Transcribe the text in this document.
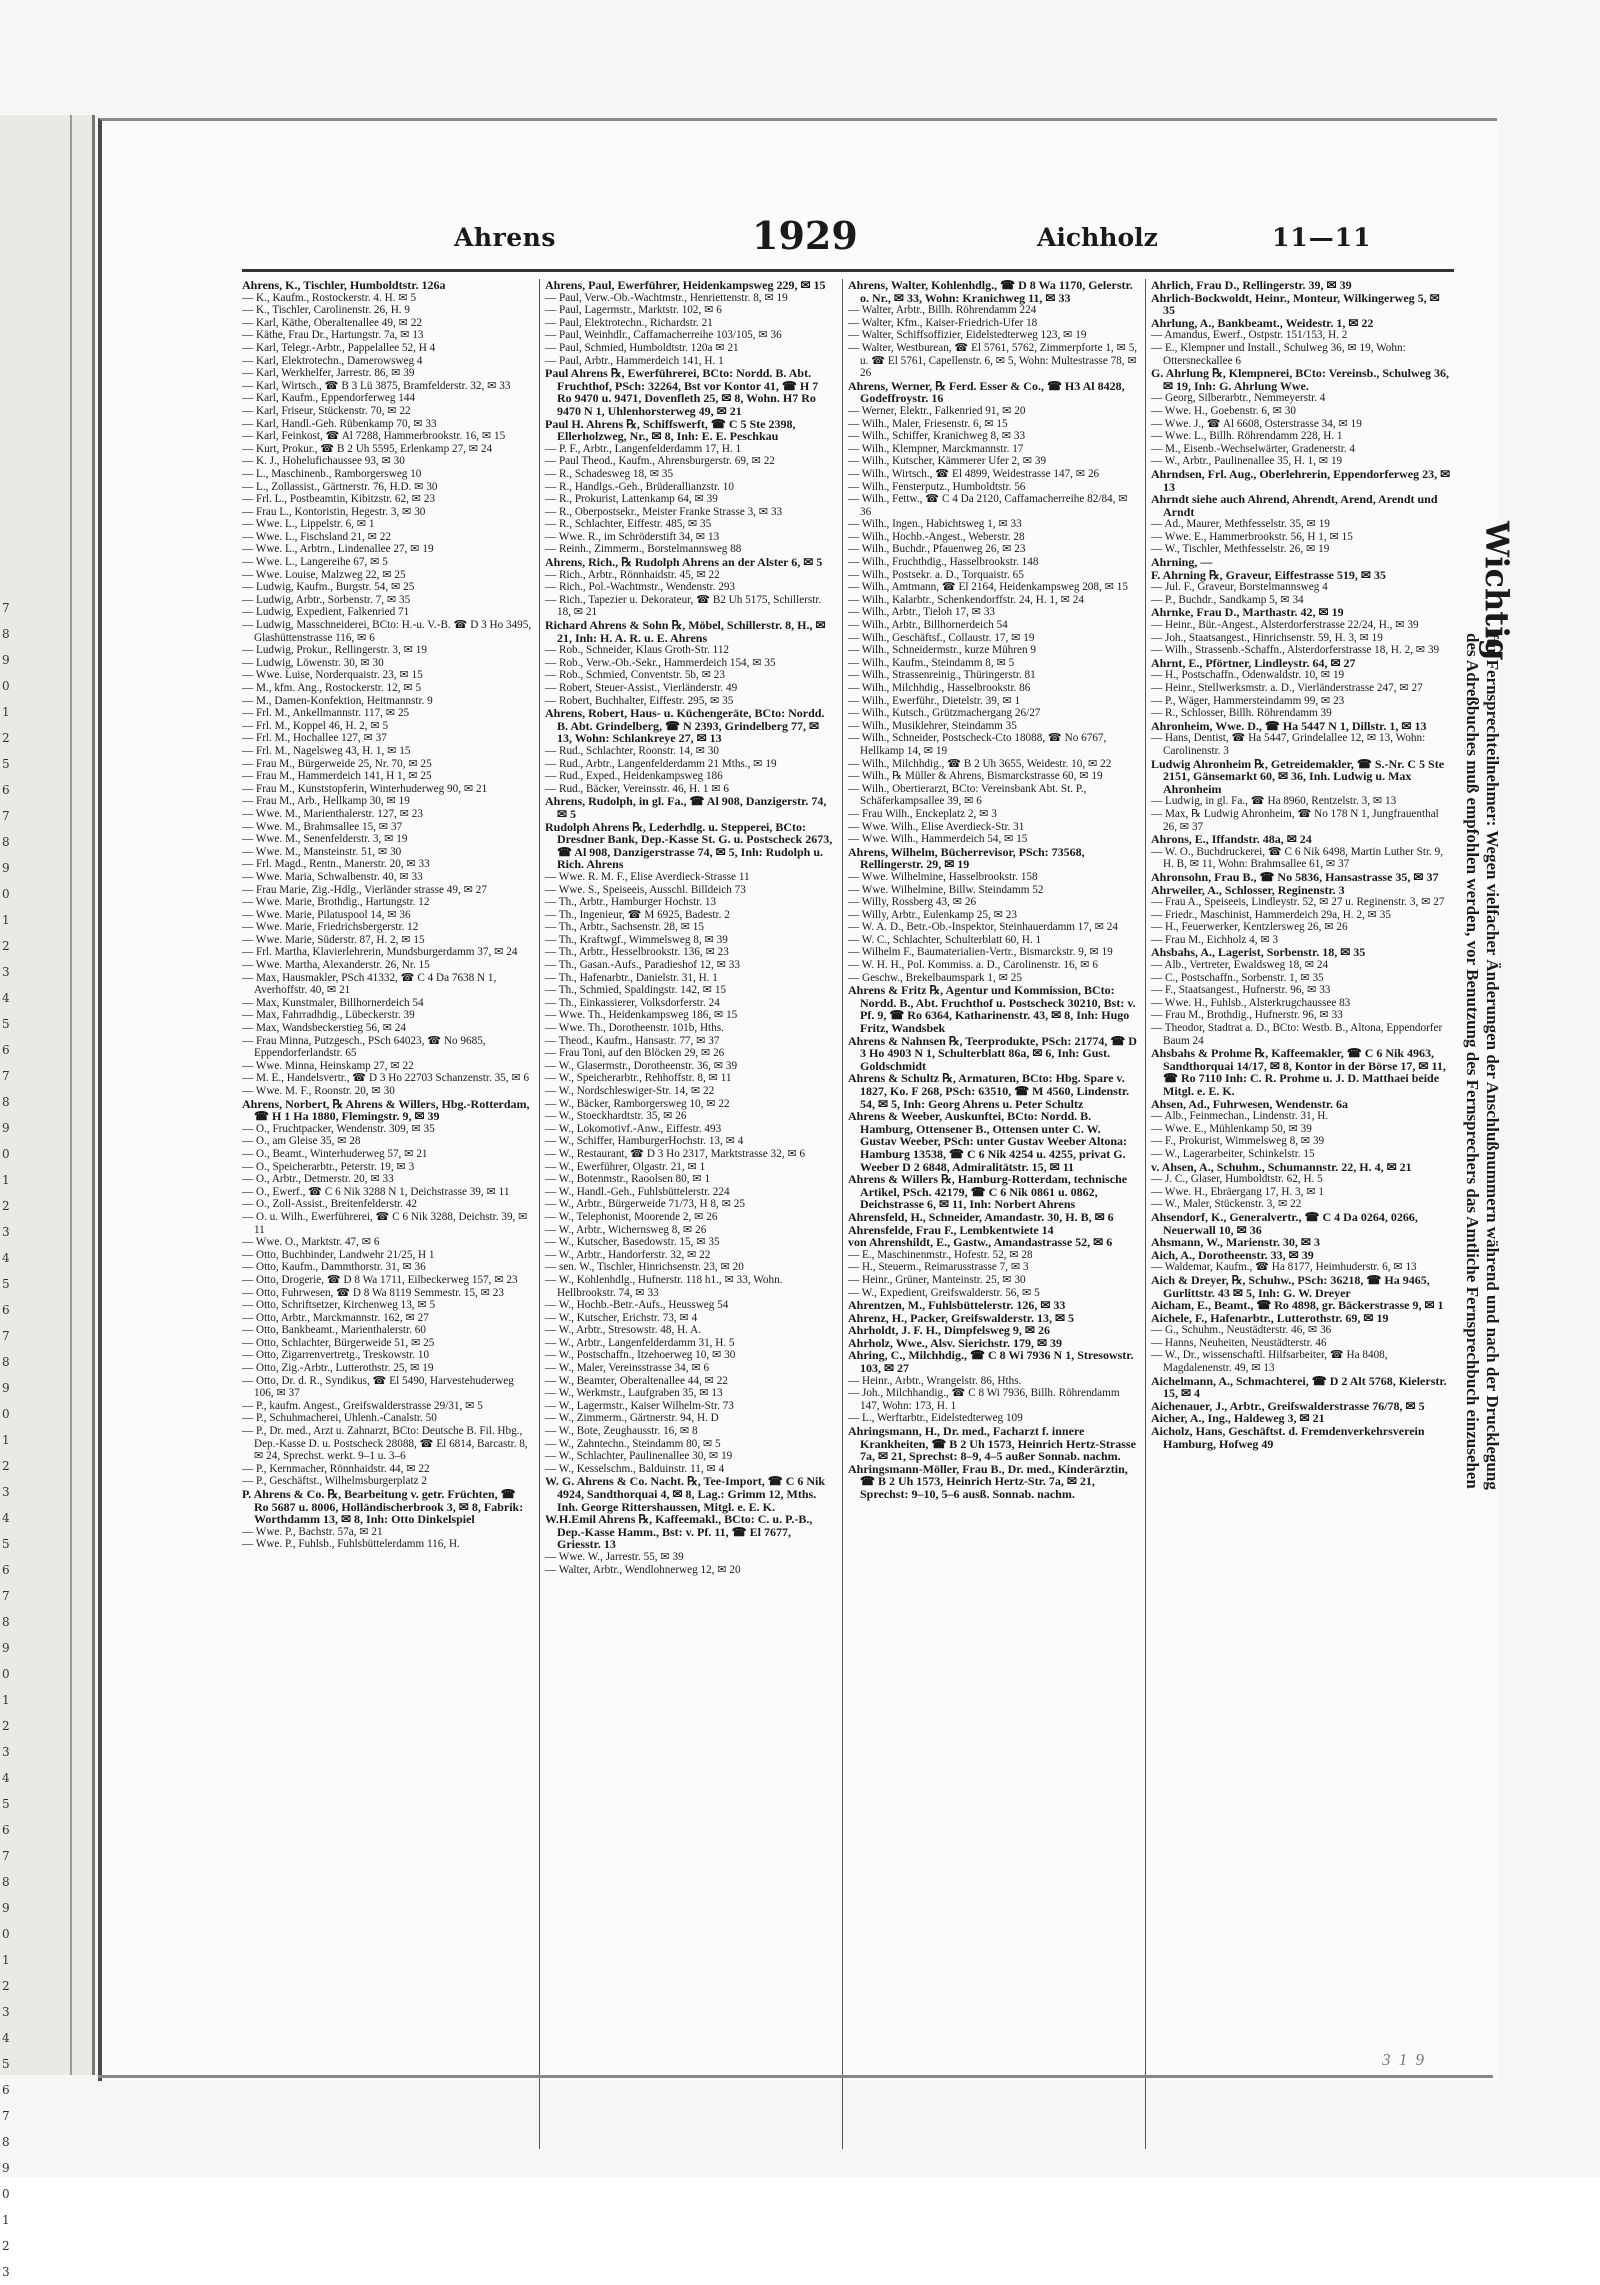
7
8
9
0
1
2
5
6
7
8
9
0
1
2
3
4
5
6
7
8
9
0
1
2
3
4
5
6
7
8
9
0
1
2
3
4
5
6
7
8
9
0
1
2
3
4
5
6
7
8
9
0
1
2
3
4
5
6
7
8
9
0
1
2
3
Ahrens	1929	Aichholz	11—11

Ahrens, K., Tischler, Humboldtstr. 126a

— K., Kaufm., Rostockerstr. 4. H. ✉ 5

— K., Tischler, Carolinenstr. 26, H. 9

— Karl, Käthe, Oberaltenallee 49, ✉ 22

— Käthe, Frau Dr., Hartungstr. 7a, ✉ 13

— Karl, Telegr.-Arbtr., Pappelallee 52, H 4

— Karl, Elektrotechn., Damerowsweg 4

— Karl, Werkhelfer, Jarrestr. 86, ✉ 39

— Karl, Wirtsch., ☎ B 3 Lü 3875, Bramfelderstr. 32, ✉ 33

— Karl, Kaufm., Eppendorferweg 144

— Karl, Friseur, Stückenstr. 70, ✉ 22

— Karl, Handl.-Geh. Rübenkamp 70, ✉ 33

— Karl, Feinkost, ☎ Al 7288, Hammerbrookstr. 16, ✉ 15

— Kurt, Prokur., ☎ B 2 Uh 5595, Erlenkamp 27, ✉ 24

— K. J., Hohelufichaussee 93, ✉ 30

— L., Maschinenb., Ramborgersweg 10

— L., Zollassist., Gärtnerstr. 76, H.D. ✉ 30

— Frl. L., Postbeamtin, Kibitzstr. 62, ✉ 23

— Frau L., Kontoristin, Hegestr. 3, ✉ 30

— Wwe. L., Lippelstr. 6, ✉ 1

— Wwe. L., Fischsland 21, ✉ 22

— Wwe. L., Arbtrn., Lindenallee 27, ✉ 19

— Wwe. L., Langereihe 67, ✉ 5

— Wwe. Louise, Malzweg 22, ✉ 25

— Ludwig, Kaufm., Burgstr. 54, ✉ 25

— Ludwig, Arbtr., Sorbenstr. 7, ✉ 35

— Ludwig, Expedient, Falkenried 71

— Ludwig, Masschneiderei, BCto: H.-u. V.-B. ☎ D 3 Ho 3495, Glashüttenstrasse 116, ✉ 6

— Ludwig, Prokur., Rellingerstr. 3, ✉ 19

— Ludwig, Löwenstr. 30, ✉ 30

— Wwe. Luise, Norderquaistr. 23, ✉ 15

— M., kfm. Ang., Rostockerstr. 12, ✉ 5

— M., Damen-Konfektion, Heitmannstr. 9

— Frl. M., Ankellmannstr. 117, ✉ 25

— Frl. M., Koppel 46, H. 2, ✉ 5

— Frl. M., Hochallee 127, ✉ 37

— Frl. M., Nagelsweg 43, H. 1, ✉ 15

— Frau M., Bürgerweide 25, Nr. 70, ✉ 25

— Frau M., Hammerdeich 141, H 1, ✉ 25

— Frau M., Kunststopferin, Winterhuderweg 90, ✉ 21

— Frau M., Arb., Hellkamp 30, ✉ 19

— Wwe. M., Marienthalerstr. 127, ✉ 23

— Wwe. M., Brahmsallee 15, ✉ 37

— Wwe. M., Senenfelderstr. 3, ✉ 19

— Wwe. M., Mansteinstr. 51, ✉ 30

— Frl. Magd., Rentn., Manerstr. 20, ✉ 33

— Wwe. Maria, Schwalbenstr. 40, ✉ 33

— Frau Marie, Zig.-Hdlg., Vierländer strasse 49, ✉ 27

— Wwe. Marie, Brothdig., Hartungstr. 12

— Wwe. Marie, Pilatuspool 14, ✉ 36

— Wwe. Marie, Friedrichsbergerstr. 12

— Wwe. Marie, Süderstr. 87, H. 2, ✉ 15

— Frl. Martha, Klavierlehrerin, Mundsburgerdamm 37, ✉ 24

— Wwe. Martha, Alexanderstr. 26, Nr. 15

— Max, Hausmakler, PSch 41332, ☎ C 4 Da 7638 N 1, Averhoffstr. 40, ✉ 21

— Max, Kunstmaler, Billhornerdeich 54

— Max, Fahrradhdig., Lübeckerstr. 39

— Max, Wandsbeckerstieg 56, ✉ 24

— Frau Minna, Putzgesch., PSch 64023, ☎ No 9685, Eppendorferlandstr. 65

— Wwe. Minna, Heinskamp 27, ✉ 22

— M. E., Handelsvertr., ☎ D 3 Ho 22703 Schanzenstr. 35, ✉ 6

— Wwe. M. F., Roonstr. 20, ✉ 30

Ahrens, Norbert, ℞ Ahrens & Willers, Hbg.-Rotterdam, ☎ H 1 Ha 1880, Flemingstr. 9, ✉ 39

— O., Fruchtpacker, Wendenstr. 309, ✉ 35

— O., am Gleise 35, ✉ 28

— O., Beamt., Winterhuderweg 57, ✉ 21

— O., Speicherarbtr., Peterstr. 19, ✉ 3

— O., Arbtr., Detmerstr. 20, ✉ 33

— O., Ewerf., ☎ C 6 Nik 3288 N 1, Deichstrasse 39, ✉ 11

— O., Zoll-Assist., Breitenfelderstr. 42

— O. u. Wilh., Ewerführerei, ☎ C 6 Nik 3288, Deichstr. 39, ✉ 11

— Wwe. O., Marktstr. 47, ✉ 6

— Otto, Buchbinder, Landwehr 21/25, H 1

— Otto, Kaufm., Dammthorstr. 31, ✉ 36

— Otto, Drogerie, ☎ D 8 Wa 1711, Eilbeckerweg 157, ✉ 23

— Otto, Fuhrwesen, ☎ D 8 Wa 8119 Semmestr. 15, ✉ 23

— Otto, Schriftsetzer, Kirchenweg 13, ✉ 5

— Otto, Arbtr., Marckmannstr. 162, ✉ 27

— Otto, Bankbeamt., Marienthalerstr. 60

— Otto, Schlachter, Bürgerweide 51, ✉ 25

— Otto, Zigarrenvertretg., Treskowstr. 10

— Otto, Zig.-Arbtr., Lutterothstr. 25, ✉ 19

— Otto, Dr. d. R., Syndikus, ☎ El 5490, Harvestehuderweg 106, ✉ 37

— P., kaufm. Angest., Greifswalderstrasse 29/31, ✉ 5

— P., Schuhmacherei, Uhlenh.-Canalstr. 50

— P., Dr. med., Arzt u. Zahnarzt, BCto: Deutsche B. Fil. Hbg., Dep.-Kasse D. u. Postscheck 28088, ☎ El 6814, Barcastr. 8, ✉ 24, Sprechst. werkt. 9–1 u. 3–6

— P., Kernmacher, Rönnhaidstr. 44, ✉ 22

— P., Geschäftst., Wilhelmsburgerplatz 2

P. Ahrens & Co. ℞, Bearbeitung v. getr. Früchten, ☎ Ro 5687 u. 8006, Holländischerbrook 3, ✉ 8, Fabrik: Worthdamm 13, ✉ 8, Inh: Otto Dinkelspiel

— Wwe. P., Bachstr. 57a, ✉ 21

— Wwe. P., Fuhlsb., Fuhlsbüttelerdamm 116, H.

Ahrens, Paul, Ewerführer, Heidenkampsweg 229, ✉ 15

— Paul, Verw.-Ob.-Wachtmstr., Henriettenstr. 8, ✉ 19

— Paul, Lagermstr., Marktstr. 102, ✉ 6

— Paul, Elektrotechn., Richardstr. 21

— Paul, Weinhdlr., Caffamacherreihe 103/105, ✉ 36

— Paul, Schmied, Humboldtstr. 120a ✉ 21

— Paul, Arbtr., Hammerdeich 141, H. 1

Paul Ahrens ℞, Ewerführerei, BCto: Nordd. B. Abt. Fruchthof, PSch: 32264, Bst vor Kontor 41, ☎ H 7 Ro 9470 u. 9471, Dovenfleth 25, ✉ 8, Wohn. H7 Ro 9470 N 1, Uhlenhorsterweg 49, ✉ 21

Paul H. Ahrens ℞, Schiffswerft, ☎ C 5 Ste 2398, Ellerholzweg, Nr., ✉ 8, Inh: E. E. Peschkau

— P. F., Arbtr., Langenfelderdamm 17, H. 1

— Paul Theod., Kaufm., Ahrensburgerstr. 69, ✉ 22

— R., Schadesweg 18, ✉ 35

— R., Handlgs.-Geh., Brüderallianzstr. 10

— R., Prokurist, Lattenkamp 64, ✉ 39

— R., Oberpostsekr., Meister Franke Strasse 3, ✉ 33

— R., Schlachter, Eiffestr. 485, ✉ 35

— Wwe. R., im Schröderstift 34, ✉ 13

— Reinh., Zimmerm., Borstelmannsweg 88

Ahrens, Rich., ℞ Rudolph Ahrens an der Alster 6, ✉ 5

— Rich., Arbtr., Rönnhaidstr. 45, ✉ 22

— Rich., Pol.-Wachtmstr., Wendenstr. 293

— Rich., Tapezier u. Dekorateur, ☎ B2 Uh 5175, Schillerstr. 18, ✉ 21

Richard Ahrens & Sohn ℞, Möbel, Schillerstr. 8, H., ✉ 21, Inh: H. A. R. u. E. Ahrens

— Rob., Schneider, Klaus Groth-Str. 112

— Rob., Verw.-Ob.-Sekr., Hammerdeich 154, ✉ 35

— Rob., Schmied, Conventstr. 5b, ✉ 23

— Robert, Steuer-Assist., Vierländerstr. 49

— Robert, Buchhalter, Eiffestr. 295, ✉ 35

Ahrens, Robert, Haus- u. Küchengeräte, BCto: Nordd. B. Abt. Grindelberg, ☎ N 2393, Grindelberg 77, ✉ 13, Wohn: Schlankreye 27, ✉ 13

— Rud., Schlachter, Roonstr. 14, ✉ 30

— Rud., Arbtr., Langenfelderdamm 21 Mths., ✉ 19

— Rud., Exped., Heidenkampsweg 186

— Rud., Bäcker, Vereinsstr. 46, H. 1 ✉ 6

Ahrens, Rudolph, in gl. Fa., ☎ Al 908, Danzigerstr. 74, ✉ 5

Rudolph Ahrens ℞, Lederhdlg. u. Stepperei, BCto: Dresdner Bank, Dep.-Kasse St. G. u. Postscheck 2673, ☎ Al 908, Danzigerstrasse 74, ✉ 5, Inh: Rudolph u. Rich. Ahrens

— Wwe. R. M. F., Elise Averdieck-Strasse 11

— Wwe. S., Speiseeis, Ausschl. Billdeich 73

— Th., Arbtr., Hamburger Hochstr. 13

— Th., Ingenieur, ☎ M 6925, Badestr. 2

— Th., Arbtr., Sachsenstr. 28, ✉ 15

— Th., Kraftwgf., Wimmelsweg 8, ✉ 39

— Th., Arbtr., Hesselbrookstr. 136, ✉ 23

— Th., Gasan.-Aufs., Paradieshof 12, ✉ 33

— Th., Hafenarbtr., Danielstr. 31, H. 1

— Th., Schmied, Spaldingstr. 142, ✉ 15

— Th., Einkassierer, Volksdorferstr. 24

— Wwe. Th., Heidenkampsweg 186, ✉ 15

— Wwe. Th., Dorotheenstr. 101b, Hths.

— Theod., Kaufm., Hansastr. 77, ✉ 37

— Frau Toni, auf den Blöcken 29, ✉ 26

— W., Glasermstr., Dorotheenstr. 36, ✉ 39

— W., Speicherarbtr., Rehhoffstr. 8, ✉ 11

— W., Nordschleswiger-Str. 14, ✉ 22

— W., Bäcker, Ramborgersweg 10, ✉ 22

— W., Stoeckhardtstr. 35, ✉ 26

— W., Lokomotivf.-Anw., Eiffestr. 493

— W., Schiffer, HamburgerHochstr. 13, ✉ 4

— W., Restaurant, ☎ D 3 Ho 2317, Marktstrasse 32, ✉ 6

— W., Ewerführer, Olgastr. 21, ✉ 1

— W., Botenmstr., Raoolsen 80, ✉ 1

— W., Handl.-Geh., Fuhlsbüttelerstr. 224

— W., Arbtr., Bürgerweide 71/73, H 8, ✉ 25

— W., Telephonist, Moorende 2, ✉ 26

— W., Arbtr., Wichernsweg 8, ✉ 26

— W., Kutscher, Basedowstr. 15, ✉ 35

— W., Arbtr., Handorferstr. 32, ✉ 22

— sen. W., Tischler, Hinrichsenstr. 23, ✉ 20

— W., Kohlenhdlg., Hufnerstr. 118 h1., ✉ 33, Wohn. Hellbrookstr. 74, ✉ 33

— W., Hochb.-Betr.-Aufs., Heussweg 54

— W., Kutscher, Erichstr. 73, ✉ 4

— W., Arbtr., Stresowstr. 48, H. A.

— W., Arbtr., Langenfelderdamm 31, H. 5

— W., Postschaffn., Itzehoerweg 10, ✉ 30

— W., Maler, Vereinsstrasse 34, ✉ 6

— W., Beamter, Oberaltenallee 44, ✉ 22

— W., Werkmstr., Laufgraben 35, ✉ 13

— W., Lagermstr., Kaiser Wilhelm-Str. 73

— W., Zimmerm., Gärtnerstr. 94, H. D

— W., Bote, Zeughausstr. 16, ✉ 8

— W., Zahntechn., Steindamm 80, ✉ 5

— W., Schlachter, Paulinenallee 30, ✉ 19

— W., Kesselschm., Balduinstr. 11, ✉ 4

W. G. Ahrens & Co. Nacht. ℞, Tee-Import, ☎ C 6 Nik 4924, Sandthorquai 4, ✉ 8, Lag.: Grimm 12, Mths. Inh. George Rittershaussen, Mitgl. e. E. K.

W.H.Emil Ahrens ℞, Kaffeemakl., BCto: C. u. P.-B., Dep.-Kasse Hamm., Bst: v. Pf. 11, ☎ El 7677, Griesstr. 13

— Wwe. W., Jarrestr. 55, ✉ 39

— Walter, Arbtr., Wendlohnerweg 12, ✉ 20

Ahrens, Walter, Kohlenhdlg., ☎ D 8 Wa 1170, Gelerstr. o. Nr., ✉ 33, Wohn: Kranichweg 11, ✉ 33

— Walter, Arbtr., Billh. Röhrendamm 224

— Walter, Kfm., Kaiser-Friedrich-Ufer 18

— Walter, Schiffsoffizier, Eidelstedterweg 123, ✉ 19

— Walter, Westburean, ☎ El 5761, 5762, Zimmerpforte 1, ✉ 5, u. ☎ El 5761, Capellenstr. 6, ✉ 5, Wohn: Multestrasse 78, ✉ 26

Ahrens, Werner, ℞ Ferd. Esser & Co., ☎ H3 Al 8428, Godeffroystr. 16

— Werner, Elektr., Falkenried 91, ✉ 20

— Wilh., Maler, Friesenstr. 6, ✉ 15

— Wilh., Schiffer, Kranichweg 8, ✉ 33

— Wilh., Klempner, Marckmannstr. 17

— Wilh., Kutscher, Kämmerer Ufer 2, ✉ 39

— Wilh., Wirtsch., ☎ El 4899, Weidestrasse 147, ✉ 26

— Wilh., Fensterputz., Humboldtstr. 56

— Wilh., Fettw., ☎ C 4 Da 2120, Caffamacherreihe 82/84, ✉ 36

— Wilh., Ingen., Habichtsweg 1, ✉ 33

— Wilh., Hochb.-Angest., Weberstr. 28

— Wilh., Buchdr., Pfauenweg 26, ✉ 23

— Wilh., Fruchthdig., Hasselbrookstr. 148

— Wilh., Postsekr. a. D., Torquaistr. 65

— Wilh., Amtmann, ☎ El 2164, Heidenkampsweg 208, ✉ 15

— Wilh., Kalarbtr., Schenkendorffstr. 24, H. 1, ✉ 24

— Wilh., Arbtr., Tieloh 17, ✉ 33

— Wilh., Arbtr., Billhornerdeich 54

— Wilh., Geschäftsf., Collaustr. 17, ✉ 19

— Wilh., Schneidermstr., kurze Mühren 9

— Wilh., Kaufm., Steindamm 8, ✉ 5

— Wilh., Strassenreinig., Thüringerstr. 81

— Wilh., Milchhdig., Hasselbrookstr. 86

— Wilh., Ewerführ., Dietelstr. 39, ✉ 1

— Wilh., Kutsch., Grützmachergang 26/27

— Wilh., Musiklehrer, Steindamm 35

— Wilh., Schneider, Postscheck-Cto 18088, ☎ No 6767, Hellkamp 14, ✉ 19

— Wilh., Milchhdig., ☎ B 2 Uh 3655, Weidestr. 10, ✉ 22

— Wilh., ℞ Müller & Ahrens, Bismarckstrasse 60, ✉ 19

— Wilh., Obertierarzt, BCto: Vereinsbank Abt. St. P., Schäferkampsallee 39, ✉ 6

— Frau Wilh., Enckeplatz 2, ✉ 3

— Wwe. Wilh., Elise Averdieck-Str. 31

— Wwe. Wilh., Hammerdeich 54, ✉ 15

Ahrens, Wilhelm, Bücherrevisor, PSch: 73568, Rellingerstr. 29, ✉ 19

— Wwe. Wilhelmine, Hasselbrookstr. 158

— Wwe. Wilhelmine, Billw. Steindamm 52

— Willy, Rossberg 43, ✉ 26

— Willy, Arbtr., Eulenkamp 25, ✉ 23

— W. A. D., Betr.-Ob.-Inspektor, Steinhauerdamm 17, ✉ 24

— W. C., Schlachter, Schulterblatt 60, H. 1

— Wilhelm F., Baumaterialien-Vertr., Bismarckstr. 9, ✉ 19

— W. H. H., Pol. Kommiss. a. D., Carolinenstr. 16, ✉ 6

— Geschw., Brekelbaumspark 1, ✉ 25

Ahrens & Fritz ℞, Agentur und Kommission, BCto: Nordd. B., Abt. Fruchthof u. Postscheck 30210, Bst: v. Pf. 9, ☎ Ro 6364, Katharinenstr. 43, ✉ 8, Inh: Hugo Fritz, Wandsbek

Ahrens & Nahnsen ℞, Teerprodukte, PSch: 21774, ☎ D 3 Ho 4903 N 1, Schulterblatt 86a, ✉ 6, Inh: Gust. Goldschmidt

Ahrens & Schultz ℞, Armaturen, BCto: Hbg. Spare v. 1827, Ko. F 268, PSch: 63510, ☎ M 4560, Lindenstr. 54, ✉ 5, Inh: Georg Ahrens u. Peter Schultz

Ahrens & Weeber, Auskunftei, BCto: Nordd. B. Hamburg, Ottensener B., Ottensen unter C. W. Gustav Weeber, PSch: unter Gustav Weeber Altona: Hamburg 13538, ☎ C 6 Nik 4254 u. 4255, privat G. Weeber D 2 6848, Admiralitätstr. 15, ✉ 11

Ahrens & Willers ℞, Hamburg-Rotterdam, technische Artikel, PSch. 42179, ☎ C 6 Nik 0861 u. 0862, Deichstrasse 6, ✉ 11, Inh: Norbert Ahrens

Ahrensfeld, H., Schneider, Amandastr. 30, H. B, ✉ 6

Ahrensfelde, Frau F., Lembkentwiete 14

von Ahrenshildt, E., Gastw., Amandastrasse 52, ✉ 6

— E., Maschinenmstr., Hofestr. 52, ✉ 28

— H., Steuerm., Reimarusstrasse 7, ✉ 3

— Heinr., Grüner, Manteinstr. 25, ✉ 30

— W., Expedient, Greifswalderstr. 56, ✉ 5

Ahrentzen, M., Fuhlsbüttelerstr. 126, ✉ 33

Ahrenz, H., Packer, Greifswalderstr. 13, ✉ 5

Ahrholdt, J. F. H., Dimpfelsweg 9, ✉ 26

Ahrholz, Wwe., Alsv. Sierichstr. 179, ✉ 39

Ahring, C., Milchhdig., ☎ C 8 Wi 7936 N 1, Stresowstr. 103, ✉ 27

— Heinr., Arbtr., Wrangelstr. 86, Hths.

— Joh., Milchhandig., ☎ C 8 Wi 7936, Billh. Röhrendamm 147, Wohn: 173, H. 1

— L., Werftarbtr., Eidelstedterweg 109

Ahringsmann, H., Dr. med., Facharzt f. innere Krankheiten, ☎ B 2 Uh 1573, Heinrich Hertz-Strasse 7a, ✉ 21, Sprechst: 8–9, 4–5 außer Sonnab. nachm.

Ahringsmann-Möller, Frau B., Dr. med., Kinderärztin, ☎ B 2 Uh 1573, Heinrich Hertz-Str. 7a, ✉ 21, Sprechst: 9–10, 5–6 ausß. Sonnab. nachm.

Ahrlich, Frau D., Rellingerstr. 39, ✉ 39

Ahrlich-Bockwoldt, Heinr., Monteur, Wilkingerweg 5, ✉ 35

Ahrlung, A., Bankbeamt., Weidestr. 1, ✉ 22

— Amandus, Ewerf., Ostpstr. 151/153, H. 2

— E., Klempner und Install., Schulweg 36, ✉ 19, Wohn: Ottersneckallee 6

G. Ahrlung ℞, Klempnerei, BCto: Vereinsb., Schulweg 36, ✉ 19, Inh: G. Ahrlung Wwe.

— Georg, Silberarbtr., Nemmeyerstr. 4

— Wwe. H., Goebenstr. 6, ✉ 30

— Wwe. J., ☎ Al 6608, Osterstrasse 34, ✉ 19

— Wwe. L., Billh. Röhrendamm 228, H. 1

— M., Eisenb.-Wechselwärter, Gradenerstr. 4

— W., Arbtr., Paulinenallee 35, H. 1, ✉ 19

Ahrndsen, Frl. Aug., Oberlehrerin, Eppendorferweg 23, ✉ 13

Ahrndt siehe auch Ahrend, Ahrendt, Arend, Arendt und Arndt

— Ad., Maurer, Methfesselstr. 35, ✉ 19

— Wwe. E., Hammerbrookstr. 56, H 1, ✉ 15

— W., Tischler, Methfesselstr. 26, ✉ 19

Ahrning, —

F. Ahrning ℞, Graveur, Eiffestrasse 519, ✉ 35

— Jul. F., Graveur, Borstelmannsweg 4

— P., Buchdr., Sandkamp 5, ✉ 34

Ahrnke, Frau D., Marthastr. 42, ✉ 19

— Heinr., Bür.-Angest., Alsterdorferstrasse 22/24, H., ✉ 39

— Joh., Staatsangest., Hinrichsenstr. 59, H. 3, ✉ 19

— Wilh., Strassenb.-Schaffn., Alsterdorferstrasse 18, H. 2, ✉ 39

Ahrnt, E., Pförtner, Lindleystr. 64, ✉ 27

— H., Postschaffn., Odenwaldstr. 10, ✉ 19

— Heinr., Stellwerksmstr. a. D., Vierländerstrasse 247, ✉ 27

— P., Wäger, Hammersteindamm 99, ✉ 23

— R., Schlosser, Billh. Röhrendamm 39

Ahronheim, Wwe. D., ☎ Ha 5447 N 1, Dillstr. 1, ✉ 13

— Hans, Dentist, ☎ Ha 5447, Grindelallee 12, ✉ 13, Wohn: Carolinenstr. 3

Ludwig Ahronheim ℞, Getreidemakler, ☎ S.-Nr. C 5 Ste 2151, Gänsemarkt 60, ✉ 36, Inh. Ludwig u. Max Ahronheim

— Ludwig, in gl. Fa., ☎ Ha 8960, Rentzelstr. 3, ✉ 13

— Max, ℞ Ludwig Ahronheim, ☎ No 178 N 1, Jungfrauenthal 26, ✉ 37

Ahrons, E., Iffandstr. 48a, ✉ 24

— W. O., Buchdruckerei, ☎ C 6 Nik 6498, Martin Luther Str. 9, H. B, ✉ 11, Wohn: Brahmsallee 61, ✉ 37

Ahronsohn, Frau B., ☎ No 5836, Hansastrasse 35, ✉ 37

Ahrweiler, A., Schlosser, Reginenstr. 3

— Frau A., Speiseeis, Lindleystr. 52, ✉ 27 u. Reginenstr. 3, ✉ 27

— Friedr., Maschinist, Hammerdeich 29a, H. 2, ✉ 35

— H., Feuerwerker, Kentzlersweg 26, ✉ 26

— Frau M., Eichholz 4, ✉ 3

Ahsbahs, A., Lagerist, Sorbenstr. 18, ✉ 35

— Alb., Vertreter, Ewaldsweg 18, ✉ 24

— C., Postschaffn., Sorbenstr. 1, ✉ 35

— F., Staatsangest., Hufnerstr. 96, ✉ 33

— Wwe. H., Fuhlsb., Alsterkrugchaussee 83

— Frau M., Brothdig., Hufnerstr. 96, ✉ 33

— Theodor, Stadtrat a. D., BCto: Westb. B., Altona, Eppendorfer Baum 24

Ahsbahs & Prohme ℞, Kaffeemakler, ☎ C 6 Nik 4963, Sandthorquai 14/17, ✉ 8, Kontor in der Börse 17, ✉ 11, ☎ Ro 7110 Inh: C. R. Prohme u. J. D. Matthaei beide Mitgl. e. E. K.

Ahsen, Ad., Fuhrwesen, Wendenstr. 6a

— Alb., Feinmechan., Lindenstr. 31, H.

— Wwe. E., Mühlenkamp 50, ✉ 39

— F., Prokurist, Wimmelsweg 8, ✉ 39

— W., Lagerarbeiter, Schinkelstr. 15

v. Ahsen, A., Schuhm., Schumannstr. 22, H. 4, ✉ 21

— J. C., Glaser, Humboldtstr. 62, H. 5

— Wwe. H., Ebräergang 17, H. 3, ✉ 1

— W., Maler, Stückenstr. 3, ✉ 22

Ahsendorf, K., Generalvertr., ☎ C 4 Da 0264, 0266, Neuerwall 10, ✉ 36

Ahsmann, W., Marienstr. 30, ✉ 3

Aich, A., Dorotheenstr. 33, ✉ 39

— Waldemar, Kaufm., ☎ Ha 8177, Heimhuderstr. 6, ✉ 13

Aich & Dreyer, ℞, Schuhw., PSch: 36218, ☎ Ha 9465, Gurlittstr. 43 ✉ 5, Inh: G. W. Dreyer

Aicham, E., Beamt., ☎ Ro 4898, gr. Bäckerstrasse 9, ✉ 1

Aichele, F., Hafenarbtr., Lutterothstr. 69, ✉ 19

— G., Schuhm., Neustädterstr. 46, ✉ 36

— Hanns, Neuheiten, Neustädterstr. 46

— W., Dr., wissenschaftl. Hilfsarbeiter, ☎ Ha 8408, Magdalenenstr. 49, ✉ 13

Aichelmann, A., Schmachterei, ☎ D 2 Alt 5768, Kielerstr. 15, ✉ 4

Aichenauer, J., Arbtr., Greifswalderstrasse 76/78, ✉ 5

Aicher, A., Ing., Haldeweg 3, ✉ 21

Aicholz, Hans, Geschäftst. d. Fremdenverkehrsverein Hamburg, Hofweg 49

Wichtig
für Fernsprechteilnehmer: Wegen vielfacher Änderungen der Anschlußnummern während und nach der Drucklegung
des Adreßbuches muß empfohlen werden, vor Benutzung des Fernsprechers das Amtliche Fernsprechbuch einzusehen
3 1 9
